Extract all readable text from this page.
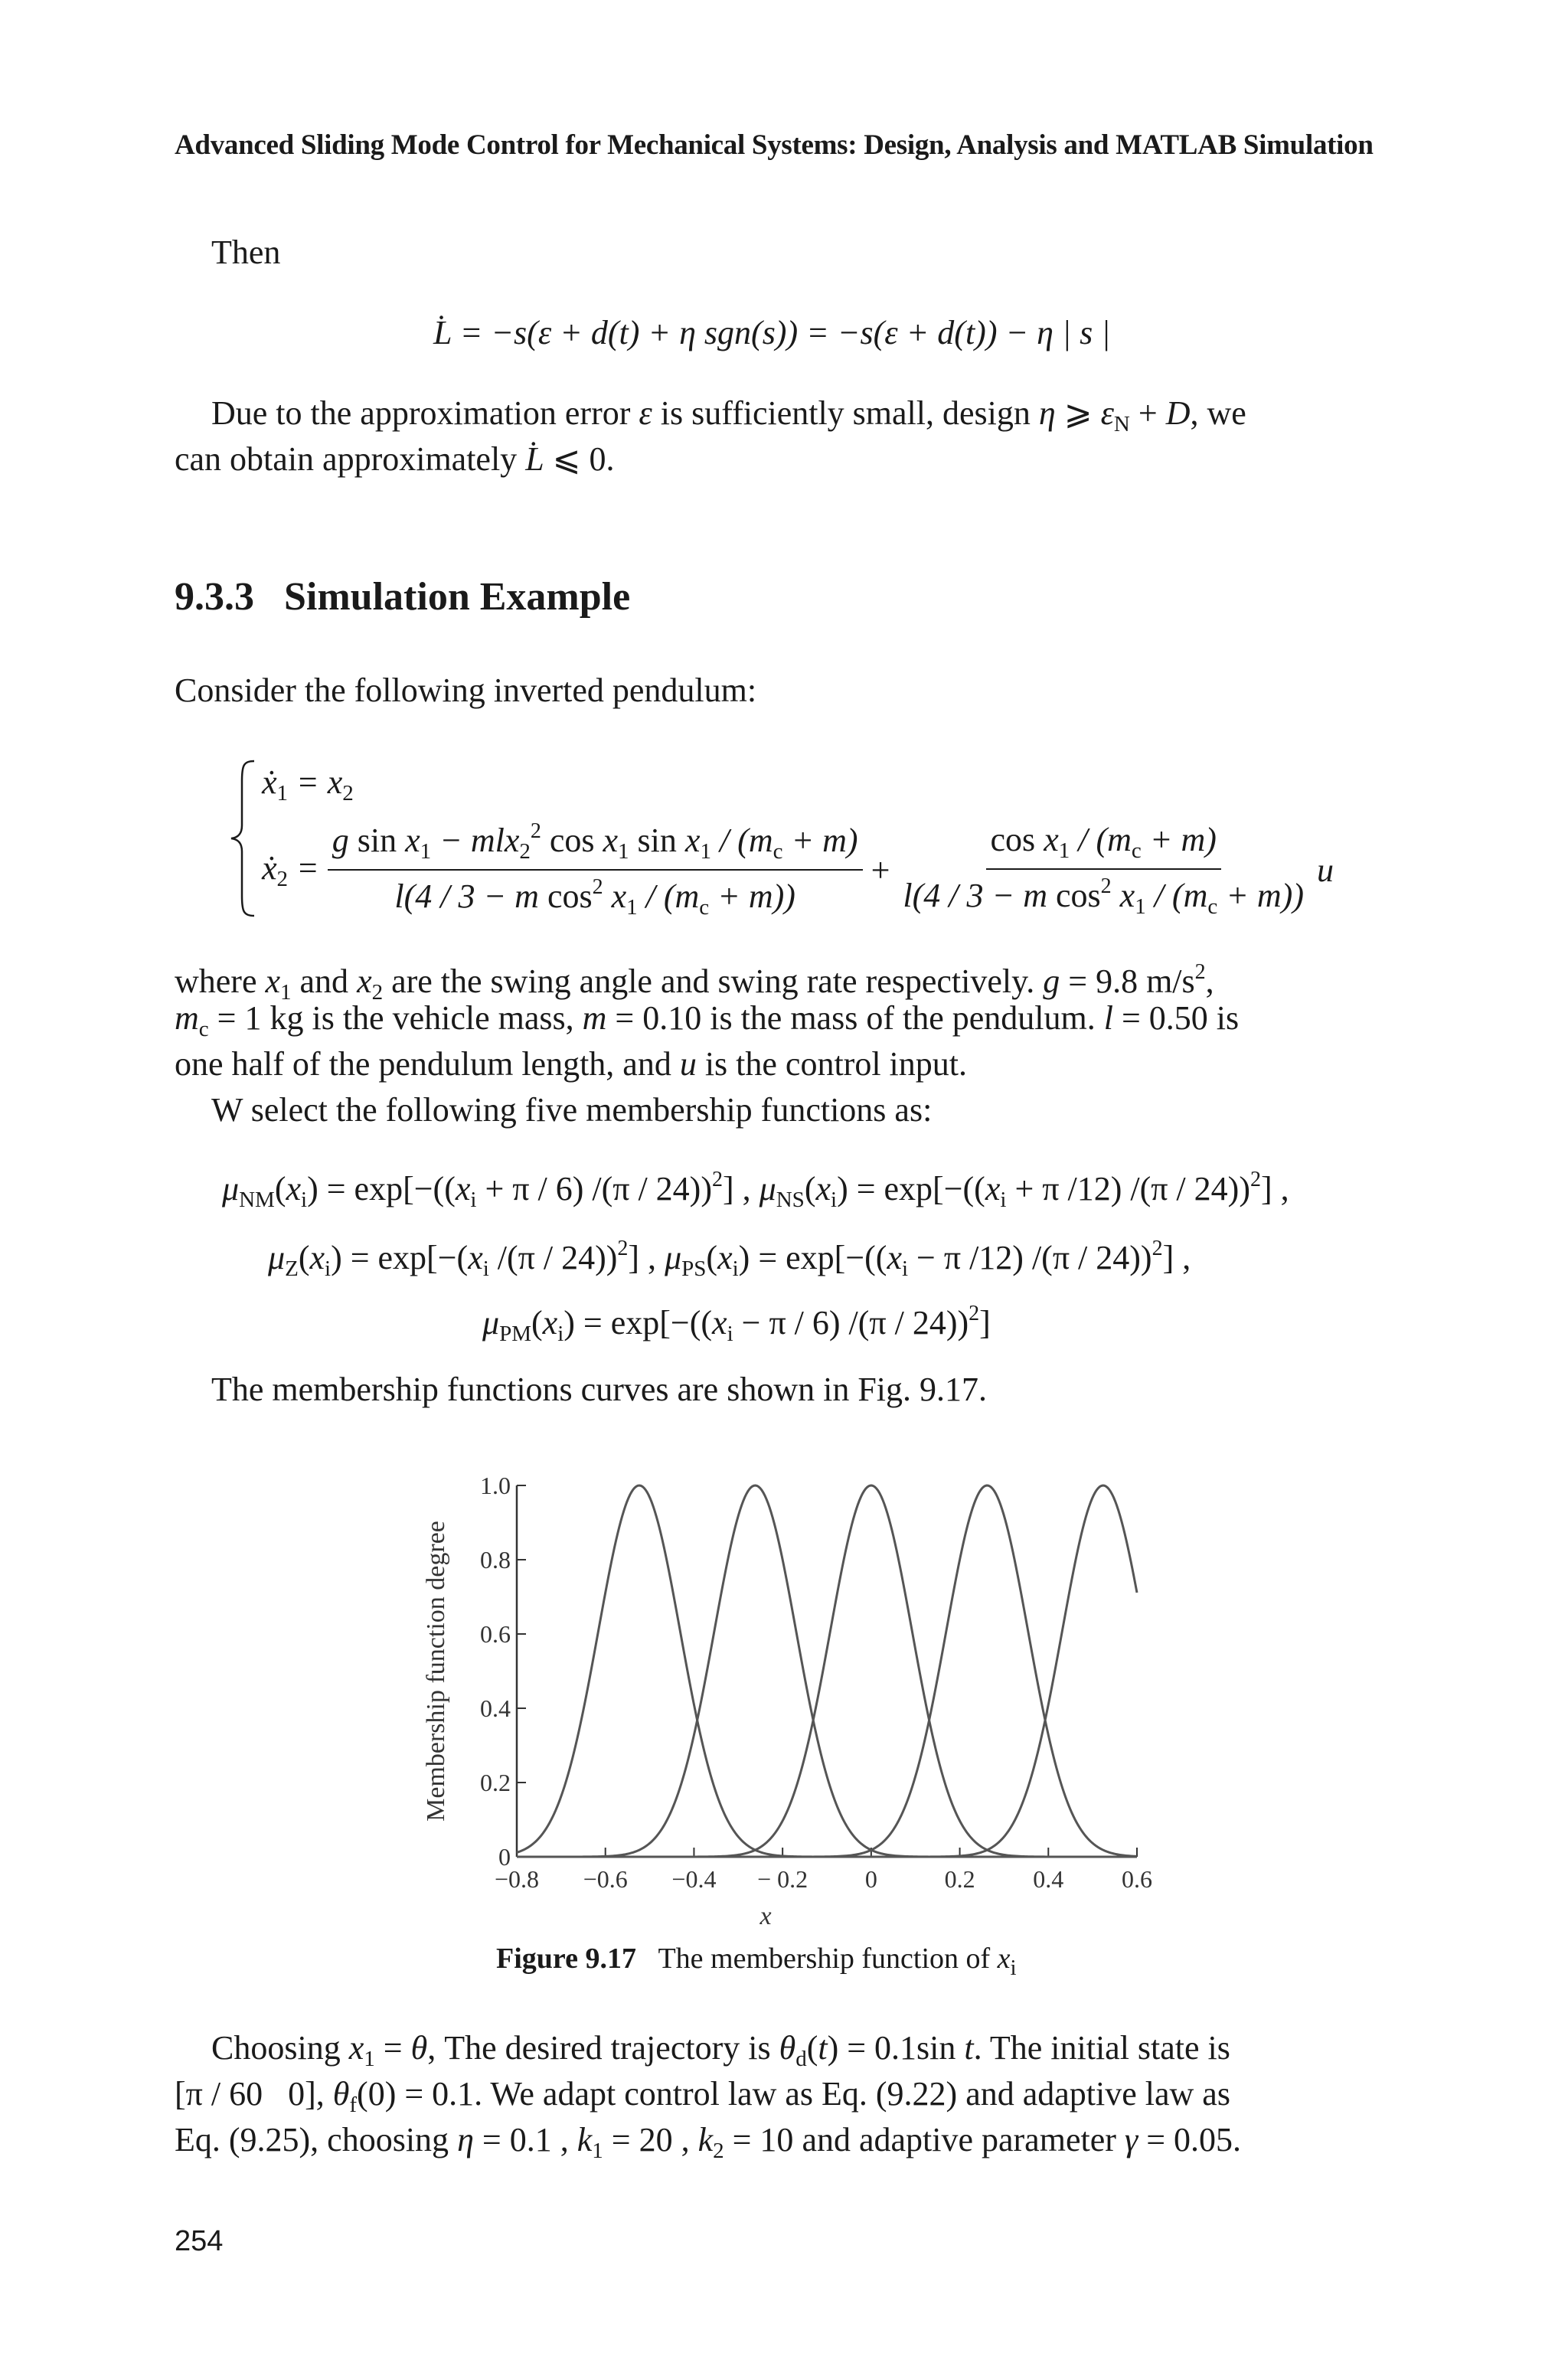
Advanced Sliding Mode Control for Mechanical Systems: Design, Analysis and MATLAB Simulation
Then
L̇ = −s(ε + d(t) + η sgn(s)) = −s(ε + d(t)) − η | s |
Due to the approximation error ε is sufficiently small, design η ⩾ $\varepsilon_N + D$, we
can obtain approximately L̇ ⩽ 0.
9.3.3 Simulation Example
Consider the following inverted pendulum:
ẋ$_1$ = $x_2$
ẋ$_2$ = $\frac{g \sin x_1 - mlx_2^2 \cos x_1 \sin x_1 / (m_c + m)}{l(4 / 3 - m \cos^2 x_1 / (m_c + m))} + \frac{\cos x_1 / (m_c + m)}{l(4 / 3 - m \cos^2 x_1 / (m_c + m))}$ u
where $x_1$ and $x_2$ are the swing angle and swing rate respectively. g = 9.8 $m/s^2$,
$m_c = 1$ kg is the vehicle mass, m = 0.10 is the mass of the pendulum. l = 0.50 is
one half of the pendulum length, and u is the control input.
W select the following five membership functions as:
$\mu_{NM}(x_i) = \exp[-((x_i + \pi / 6)$ /(π / 24))$^2$] , $\mu_{NS}(x_i) = \exp[-((x_i + \pi$ /12) /(π / 24))$^2$] ,
$\mu_Z(x_i) = \exp[-(x_i$ /(π / 24))$^2$] , $\mu_{PS}(x_i) = \exp[-((x_i - \pi$ /12) /(π / 24))$^2$] ,
$\mu_{PM}(x_i) = \exp[-((x_i - \pi / 6)$ /(π / 24))$^2$]
The membership functions curves are shown in Fig. 9.17.
−0.8 −0.6 −0.4 − 0.2 0	0.2 0.4 0.6
0
0.2
0.4
0.6
0.8
1.0
x
Membership function degree
Figure 9.17 The membership function of $x_i$
Choosing $x_1 = \theta$, The desired trajectory is $\theta_d(t) = 0.1\sin$ t. The initial state is
[π / 60   0], $\theta_f(0) = 0.1$. We adapt control law as Eq. (9.22) and adaptive law as
Eq. (9.25), choosing η = 0.1 , $k_1 = 20$ , $k_2 = 10$ and adaptive parameter γ = 0.05.
254
